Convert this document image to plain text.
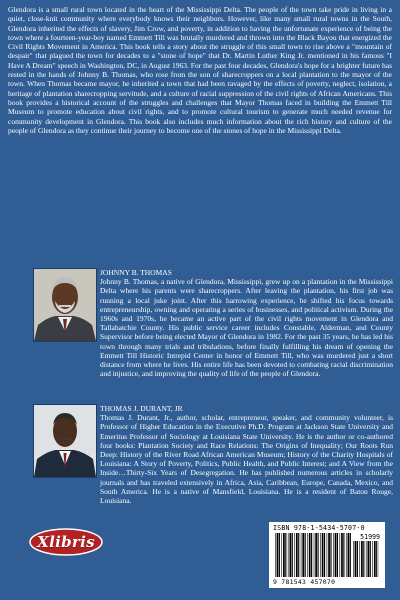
Glendora is a small rural town located in the heart of the Mississippi Delta. The people of the town take pride in living in a quiet, close-knit community where everybody knows their neighbors. However, like many small rural towns in the South, Glendora inherited the effects of slavery, Jim Crow, and poverty, in addition to having the unfortunate experience of being the town where a fourteen-year-boy named Emmett Till was brutally murdered and thrown into the Black Bayou that energized the Civil Rights Movement in America. This book tells a story about the struggle of this small town to rise above a "mountain of despair" that plagued the town for decades to a "stone of hope" that Dr. Martin Luther King Jr. mentioned in his famous "I Have A Dream" speech in Washington, DC, in August 1963. For the past four decades, Glendora's hope for a brighter future has rested in the hands of Johnny B. Thomas, who rose from the son of sharecroppers on a local plantation to the mayor of the town. When Thomas became mayor, he inherited a town that had been ravaged by the effects of poverty, neglect, isolation, a heritage of plantation sharecropping servitude, and a culture of racial suppression of the civil rights of African Americans. This book provides a historical account of the struggles and challenges that Mayor Thomas faced in building the Emmett Till Museum to promote education about civil rights, and to promote cultural tourism to generate much needed revenue for community development in Glendora. This book also includes much information about the rich history and culture of the people of Glendora as they continue their journey to become one of the stones of hope in the Mississippi Delta.

JOHNNY B. THOMAS
Johnny B. Thomas, a native of Glendora, Mississippi, grew up on a plantation in the Mississippi Delta where his parents were sharecroppers. After leaving the plantation, his first job was running a local juke joint. After this harrowing experience, he shifted his focus towards entrepreneurship, owning and operating a series of businesses, and political activism. During the 1960s and 1970s, he became an active part of the civil rights movement in Glendora and Tallahatchie County. His public service career includes Constable, Alderman, and County Supervisor before being elected Mayor of Glendora in 1982. For the past 35 years, he has led his town through many trials and tribulations, before finally fulfilling his dream of opening the Emmett Till Historic Intrepid Center in honor of Emmett Till, who was murdered just a short distance from where he lives. His entire life has been devoted to combating racial discrimination and injustice, and improving the quality of life of the people of Glendora.
THOMAS J. DURANT, JR
Thomas J. Durant, Jr., author, scholar, entrepreneur, speaker, and community volunteer, is Professor of Higher Education in the Executive Ph.D. Program at Jackson State University and Emeritus Professor of Sociology at Louisiana State University. He is the author or co-authored four books: Plantation Society and Race Relations: The Origins of Inequality; Our Roots Run Deep: History of the River Road African American Museum; History of the Charity Hospitals of Louisiana: A Story of Poverty, Politics, Public Health, and Public Interest; and A View from the Inside…Thirty-Six Years of Desegregation. He has published numerous articles in scholarly journals and has traveled extensively in Africa, Asia, Caribbean, Europe, Canada, Mexico, and South America. He is a native of Mansfield, Louisiana. He is a resident of Baton Rouge, Louisiana.
Xlibris
ISBN 978-1-5434-5707-0
51999
9 781543 457070
